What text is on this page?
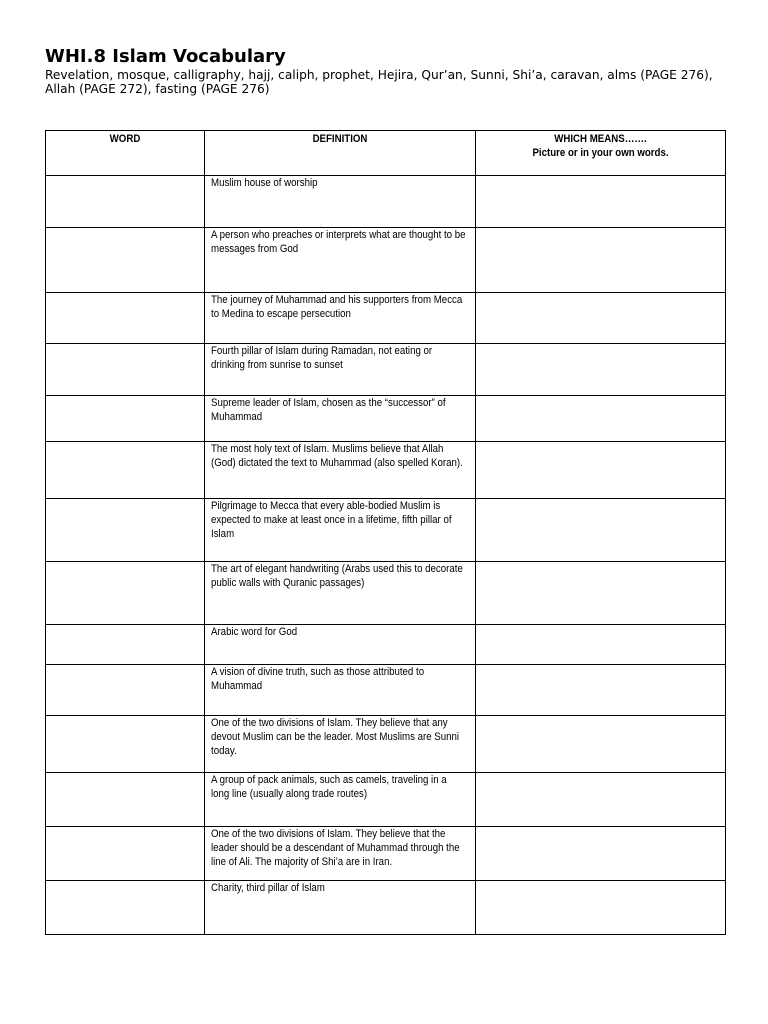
WHI.8 Islam Vocabulary

Revelation, mosque, calligraphy, hajj, caliph, prophet, Hejira, Qur’an, Sunni, Shi’a, caravan, alms (PAGE 276), Allah (PAGE 272), fasting (PAGE 276)

WORD	DEFINITION	WHICH MEANS…….
Picture or in your own words.

	Muslim house of worship	

	A person who preaches or interprets what are thought to be messages from God	

	The journey of Muhammad and his supporters from Mecca to Medina to escape persecution	

	Fourth pillar of Islam during Ramadan, not eating or drinking from sunrise to sunset	

	Supreme leader of Islam, chosen as the “successor” of Muhammad	

	The most holy text of Islam. Muslims believe that Allah (God) dictated the text to Muhammad (also spelled Koran).	

	Pilgrimage to Mecca that every able-bodied Muslim is expected to make at least once in a lifetime, fifth pillar of Islam	

	The art of elegant handwriting (Arabs used this to decorate public walls with Quranic passages)	

	Arabic word for God	

	A vision of divine truth, such as those attributed to Muhammad	

	One of the two divisions of Islam. They believe that any devout Muslim can be the leader. Most Muslims are Sunni today.	

	A group of pack animals, such as camels, traveling in a long line (usually along trade routes)	

	One of the two divisions of Islam. They believe that the leader should be a descendant of Muhammad through the line of Ali. The majority of Shi’a are in Iran.	

	Charity, third pillar of Islam	
